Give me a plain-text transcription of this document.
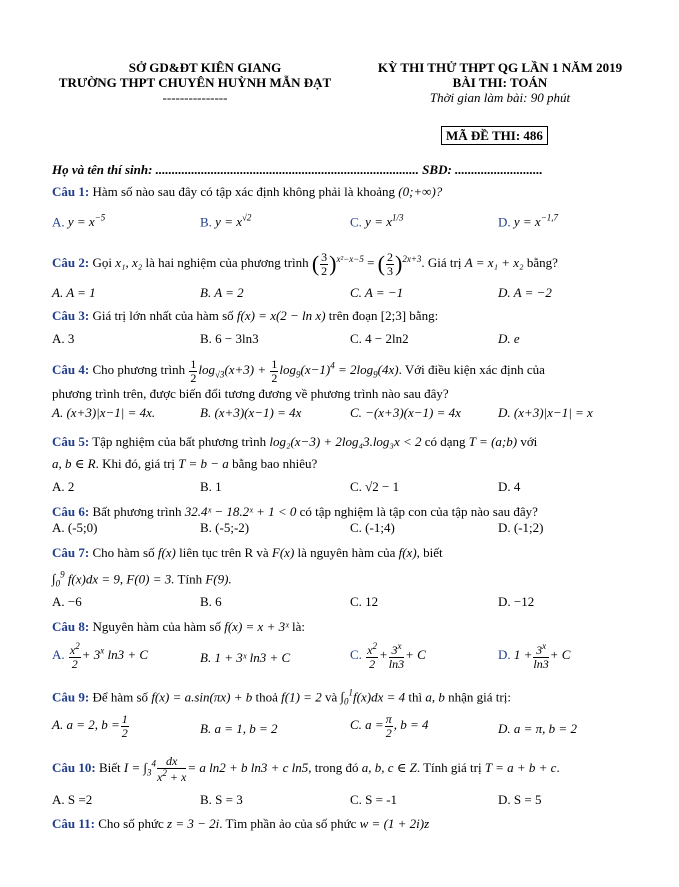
SỞ GD&ĐT KIÊN GIANG
TRƯỜNG THPT CHUYÊN HUỲNH MẪN ĐẠT
---------------
KỲ THI THỬ THPT QG LẦN 1 NĂM 2019
BÀI THI: TOÁN
Thời gian làm bài: 90 phút
MÃ ĐỀ THI: 486
Họ và tên thí sinh: ................................................................................. SBD: ...........................
Câu 1: Hàm số nào sau đây có tập xác định không phải là khoảng (0;+∞)?
A. $y = x^{-5}$	B. $y = x^{√2}$	C. $y = x^{1/3}$	D. $y = x^{-1,7}$
Câu 2: Gọi x₁, x₂ là hai nghiệm của phương trình ( $\frac{3}{2} )^{x^2-x-5}$ = ( $\frac{2}{3} )^{2x+3}$. Giá trị A = x₁ + x₂ bằng?
A. A = 1	B. A = 2	C. A = −1	D. A = −2
Câu 3: Giá trị lớn nhất của hàm số f(x) = x(2 − ln x) trên đoạn [2;3] bằng:
A. 3	B. 6 − 3ln3	C. 4 − 2ln2	D. e
Câu 4: Cho phương trình $\frac{1}{2} \log_{√3}(x+3) + \frac{1}{2} \log_9(x-1)^4 = 2\log_9(4x)$. Với điều kiện xác định của
phương trình trên, được biến đổi tương đương về phương trình nào sau đây?
A. (x+3)|x−1| = 4x.	B. (x+3)(x−1) = 4x	C. −(x+3)(x−1) = 4x	D. (x+3)|x−1| = x
Câu 5: Tập nghiệm của bất phương trình log₂(x−3) + 2log₄3.log₃x < 2 có dạng T = (a;b) với
a, b ∈ R. Khi đó, giá trị T = b − a bằng bao nhiêu?
A. 2	B. 1	C. √2 − 1	D. 4
Câu 6: Bất phương trình 32.4ˣ − 18.2ˣ + 1 < 0 có tập nghiệm là tập con của tập nào sau đây?
A. (-5;0)	B. (-5;-2)	C. (-1;4)	D. (-1;2)
Câu 7: Cho hàm số f(x) liên tục trên R và F(x) là nguyên hàm của f(x), biết
$\int_0^9$ f(x)dx = 9, F(0) = 3. Tính F(9).
A. −6	B. 6	C. 12	D. −12
Câu 8: Nguyên hàm của hàm số f(x) = x + 3ˣ là:
A. $\frac{x^2}{2} + 3^x$ ln3 + C	B. 1 + 3ˣ ln3 + C	C. $\frac{x^2}{2} + \frac{3^x}{\ln 3} + C$	D. $1 + \frac{3^x}{\ln 3} + C$
Câu 9: Để hàm số f(x) = a.sin(πx) + b thoả f(1) = 2 và $\int_0^1f(x)dx = 4$ thì a, b nhận giá trị:
A. a = 2, $b = \frac{1}{2}$	B. a = 1, b = 2	C. $a = \frac{\pi}{2}$ , b = 4	D. a = π, b = 2
Câu 10: Biết $I = \int_3^4 \frac{dx}{x^2 + x} = a$ ln2 + b ln3 + c ln5, trong đó a, b, c ∈ Z. Tính giá trị T = a + b + c.
A. S =2	B. S = 3	C. S = -1	D. S = 5
Câu 11: Cho số phức z = 3 − 2i. Tìm phần ảo của số phức w = (1 + 2i)z
